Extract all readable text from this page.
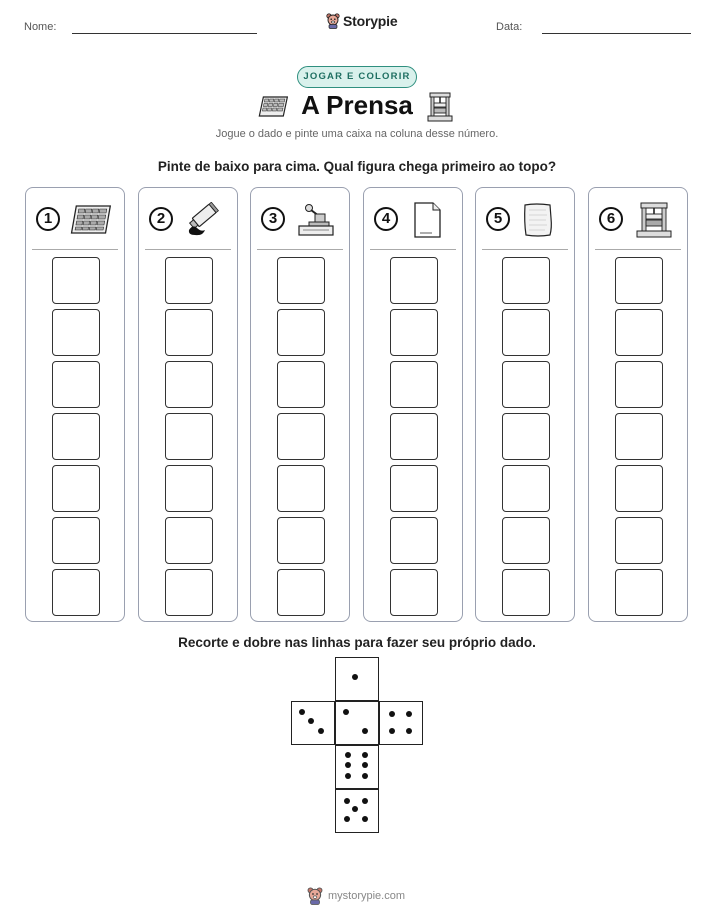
Nome:	Storypie	Data:
JOGAR E COLORIR
A Prensa
Jogue o dado e pinte uma caixa na coluna desse número.
Pinte de baixo para cima. Qual figura chega primeiro ao topo?
1	2	3	4	5	6
Recorte e dobre nas linhas para fazer seu próprio dado.
mystorypie.com
